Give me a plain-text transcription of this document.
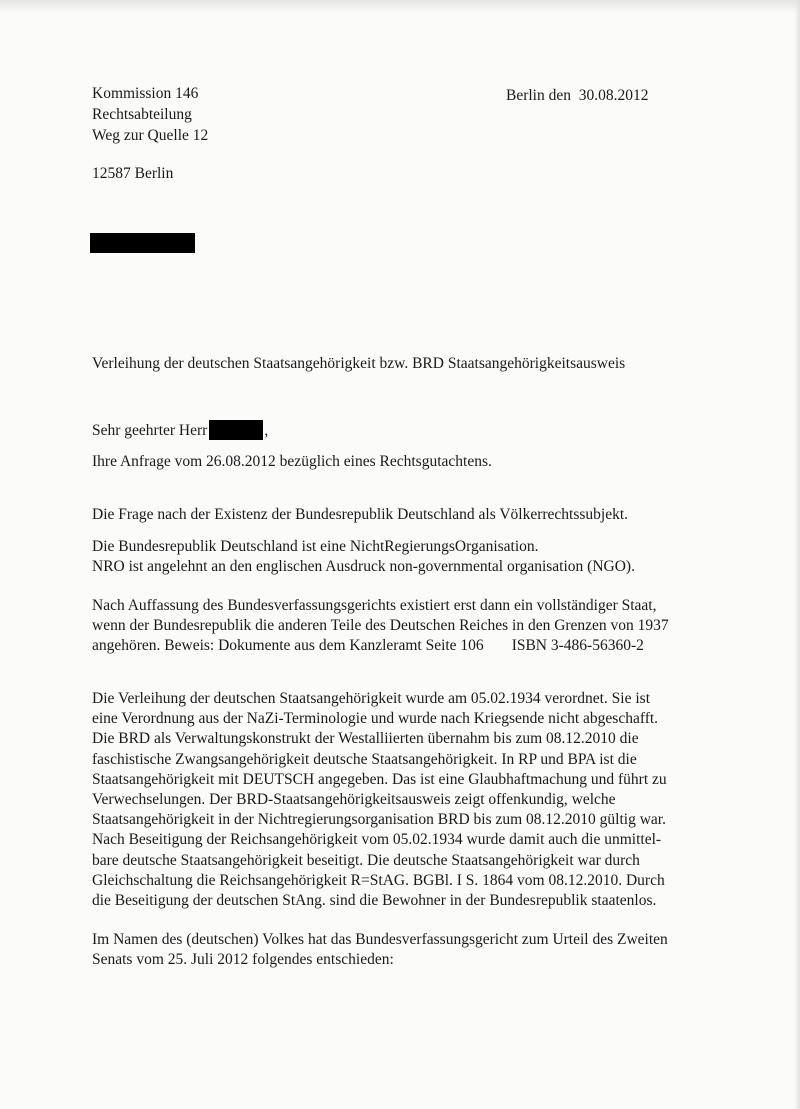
Kommission 146
Rechtsabteilung
Weg zur Quelle 12
12587 Berlin
Berlin den 30.08.2012
Verleihung der deutschen Staatsangehörigkeit bzw. BRD Staatsangehörigkeitsausweis
Sehr geehrter Herr	,
Ihre Anfrage vom 26.08.2012 bezüglich eines Rechtsgutachtens.
Die Frage nach der Existenz der Bundesrepublik Deutschland als Völkerrechtssubjekt.
Die Bundesrepublik Deutschland ist eine NichtRegierungsOrganisation.
NRO ist angelehnt an den englischen Ausdruck non-governmental organisation (NGO).
Nach Auffassung des Bundesverfassungsgerichts existiert erst dann ein vollständiger Staat,
wenn der Bundesrepublik die anderen Teile des Deutschen Reiches in den Grenzen von 1937
angehören. Beweis: Dokumente aus dem Kanzleramt Seite 106 ISBN 3-486-56360-2
Die Verleihung der deutschen Staatsangehörigkeit wurde am 05.02.1934 verordnet. Sie ist
eine Verordnung aus der NaZi-Terminologie und wurde nach Kriegsende nicht abgeschafft.
Die BRD als Verwaltungskonstrukt der Westalliierten übernahm bis zum 08.12.2010 die
faschistische Zwangsangehörigkeit deutsche Staatsangehörigkeit. In RP und BPA ist die
Staatsangehörigkeit mit DEUTSCH angegeben. Das ist eine Glaubhaftmachung und führt zu
Verwechselungen. Der BRD-Staatsangehörigkeitsausweis zeigt offenkundig, welche
Staatsangehörigkeit in der Nichtregierungsorganisation BRD bis zum 08.12.2010 gültig war.
Nach Beseitigung der Reichsangehörigkeit vom 05.02.1934 wurde damit auch die unmittel-
bare deutsche Staatsangehörigkeit beseitigt. Die deutsche Staatsangehörigkeit war durch
Gleichschaltung die Reichsangehörigkeit R=StAG. BGBl. I S. 1864 vom 08.12.2010. Durch
die Beseitigung der deutschen StAng. sind die Bewohner in der Bundesrepublik staatenlos.
Im Namen des (deutschen) Volkes hat das Bundesverfassungsgericht zum Urteil des Zweiten
Senats vom 25. Juli 2012 folgendes entschieden:
